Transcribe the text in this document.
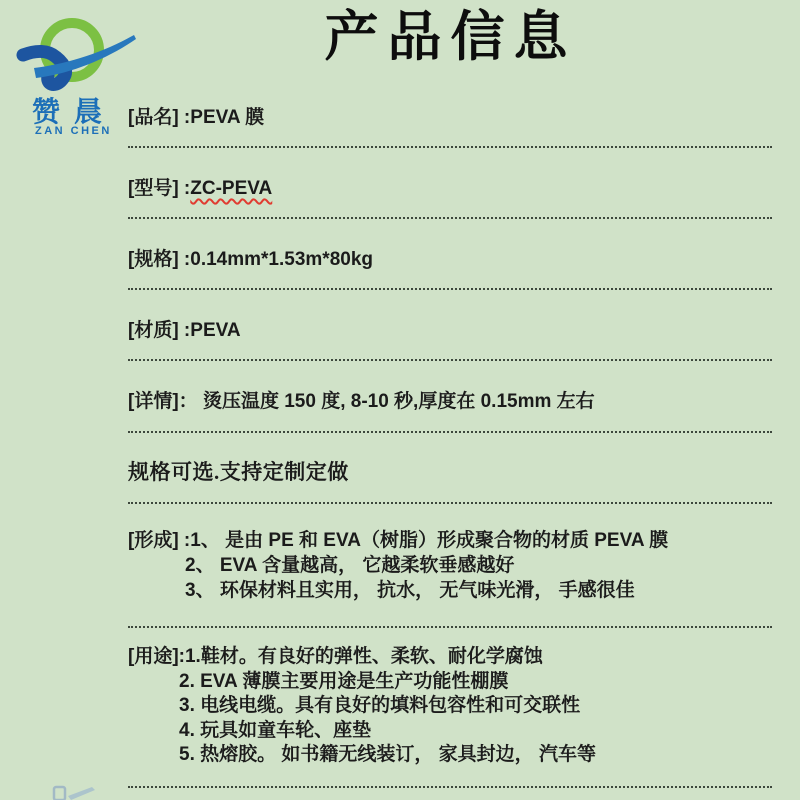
赞晨
ZAN CHEN
产品信息
[品名] :PEVA 膜
[型号] :ZC-PEVA
[规格] :0.14mm*1.53m*80kg
[材质] :PEVA
[详情]： 烫压温度 150 度, 8-10 秒,厚度在 0.15mm 左右
规格可选.支持定制定做
[形成] :1、 是由 PE 和 EVA（树脂）形成聚合物的材质 PEVA 膜
2、 EVA 含量越高， 它越柔软垂感越好
3、 环保材料且实用， 抗水， 无气味光滑， 手感很佳
[用途]:1.鞋材。有良好的弹性、柔软、耐化学腐蚀
2. EVA 薄膜主要用途是生产功能性棚膜
3. 电线电缆。具有良好的填料包容性和可交联性
4. 玩具如童车轮、座垫
5. 热熔胶。 如书籍无线装订， 家具封边， 汽车等
